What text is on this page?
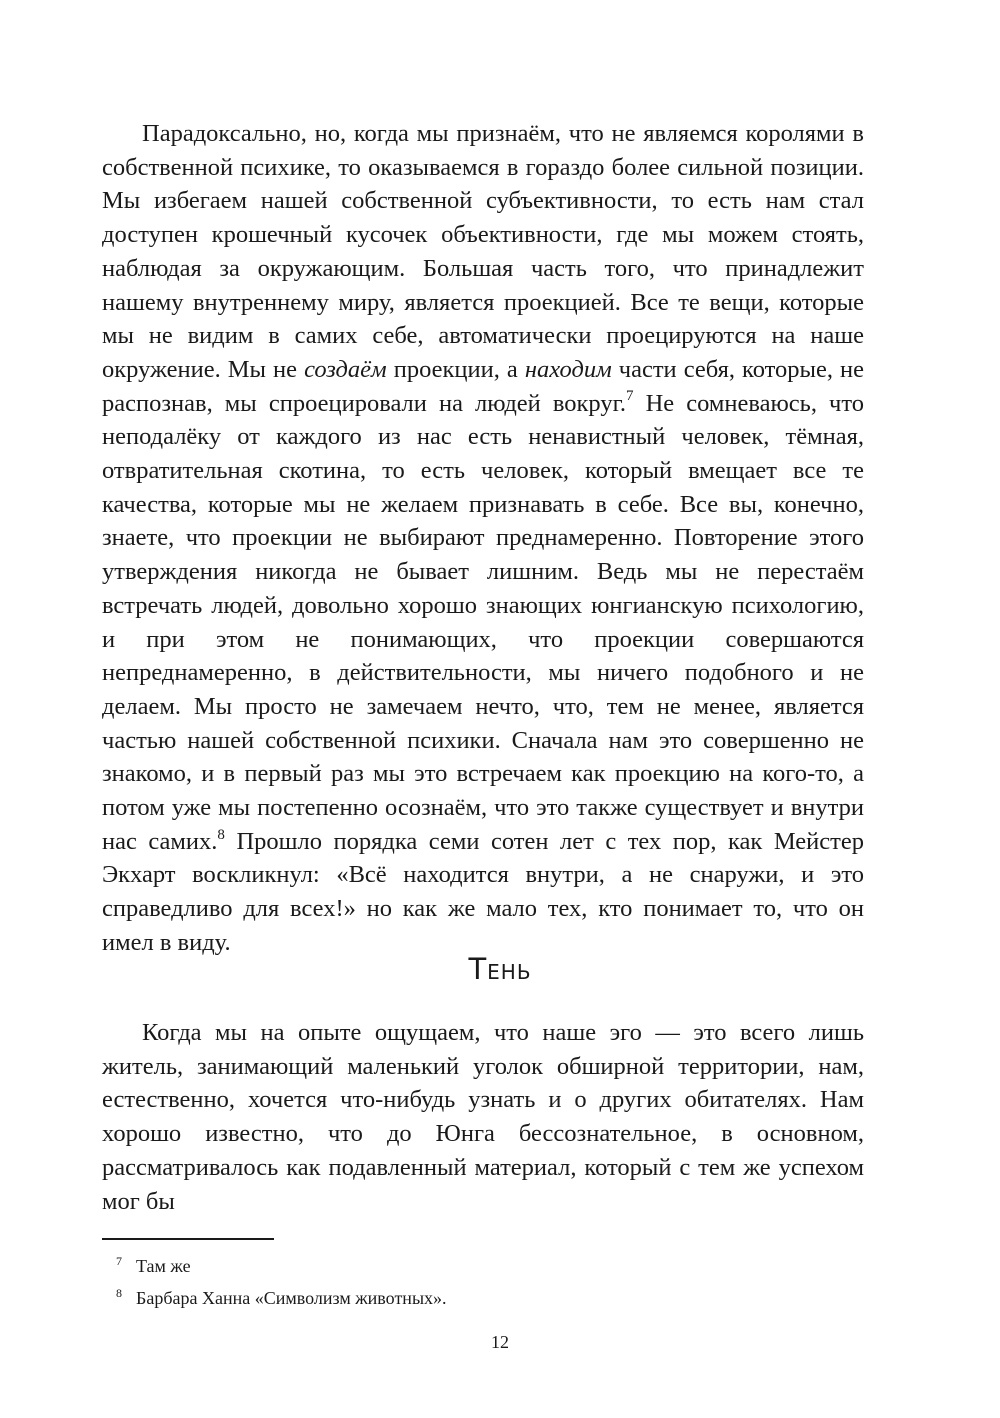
Парадоксально, но, когда мы признаём, что не являемся королями в собственной психике, то оказываемся в гораздо более сильной позиции. Мы избегаем нашей собственной субъективности, то есть нам стал доступен крошечный кусочек объективности, где мы можем стоять, наблюдая за окружающим. Большая часть того, что принадлежит нашему внутреннему миру, является проекцией. Все те вещи, которые мы не видим в самих себе, автоматически проецируются на наше окружение. Мы не создаём проекции, а находим части себя, которые, не распознав, мы спроецировали на людей вокруг.$^7$ Не сомневаюсь, что неподалёку от каждого из нас есть ненавистный человек, тёмная, отвратительная скотина, то есть человек, который вмещает все те качества, которые мы не желаем признавать в себе. Все вы, конечно, знаете, что проекции не выбирают преднамеренно. Повторение этого утверждения никогда не бывает лишним. Ведь мы не перестаём встречать людей, довольно хорошо знающих юнгианскую психологию, и при этом не понимающих, что проекции совершаются непреднамеренно, в действительности, мы ничего подобного и не делаем. Мы просто не замечаем нечто, что, тем не менее, является частью нашей собственной психики. Сначала нам это совершенно не знакомо, и в первый раз мы это встречаем как проекцию на кого-то, а потом уже мы постепенно осознаём, что это также существует и внутри нас самих.$^8$ Прошло порядка семи сотен лет с тех пор, как Мейстер Экхарт воскликнул: «Всё находится внутри, а не снаружи, и это справедливо для всех!» но как же мало тех, кто понимает то, что он имел в виду.

Тень

Когда мы на опыте ощущаем, что наше эго — это всего лишь житель, занимающий маленький уголок обширной территории, нам, естественно, хочется что-нибудь узнать и о других обитателях. Нам хорошо известно, что до Юнга бессознательное, в основном, рассматривалось как подавленный материал, который с тем же успехом мог бы

7 Там же
8 Барбара Ханна «Символизм животных».
12
